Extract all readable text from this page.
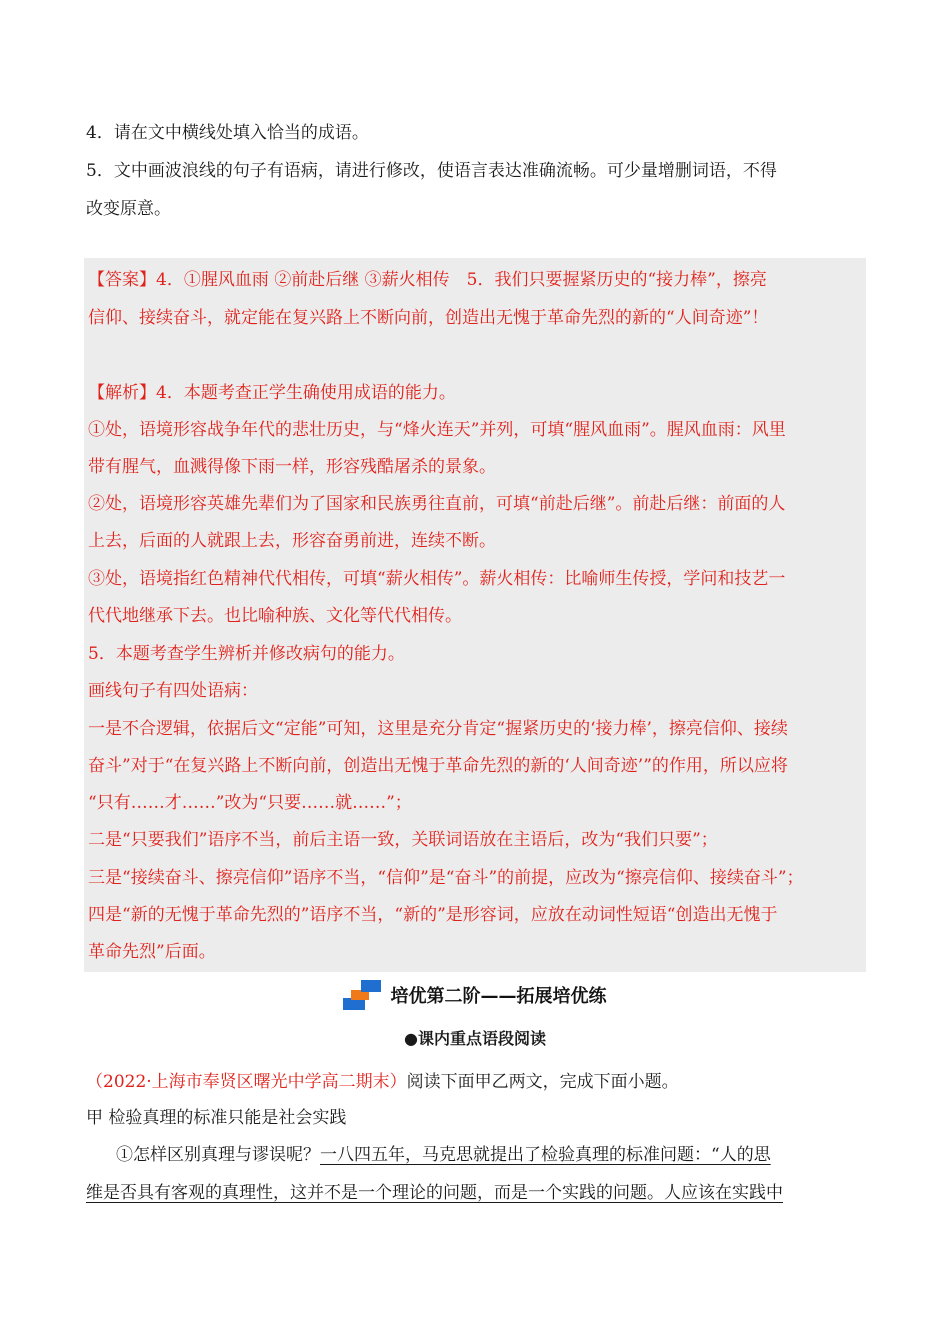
4．请在文中横线处填入恰当的成语。

5．文中画波浪线的句子有语病，请进行修改，使语言表达准确流畅。可少量增删词语，不得

改变原意。

【答案】4．①腥风血雨 ②前赴后继 ③薪火相传　5．我们只要握紧历史的“接力棒”，擦亮

信仰、接续奋斗，就定能在复兴路上不断向前，创造出无愧于革命先烈的新的“人间奇迹”！

【解析】4．本题考查正学生确使用成语的能力。

①处，语境形容战争年代的悲壮历史，与“烽火连天”并列，可填“腥风血雨”。腥风血雨：风里

带有腥气，血溅得像下雨一样，形容残酷屠杀的景象。

②处，语境形容英雄先辈们为了国家和民族勇往直前，可填“前赴后继”。前赴后继：前面的人

上去，后面的人就跟上去，形容奋勇前进，连续不断。

③处，语境指红色精神代代相传，可填“薪火相传”。薪火相传：比喻师生传授，学问和技艺一

代代地继承下去。也比喻种族、文化等代代相传。

5．本题考查学生辨析并修改病句的能力。

画线句子有四处语病：

一是不合逻辑，依据后文“定能”可知，这里是充分肯定“握紧历史的‘接力棒’，擦亮信仰、接续

奋斗”对于“在复兴路上不断向前，创造出无愧于革命先烈的新的‘人间奇迹’”的作用，所以应将

“只有……才……”改为“只要……就……”；

二是“只要我们”语序不当，前后主语一致，关联词语放在主语后，改为“我们只要”；

三是“接续奋斗、擦亮信仰”语序不当，“信仰”是“奋斗”的前提，应改为“擦亮信仰、接续奋斗”；

四是“新的无愧于革命先烈的”语序不当，“新的”是形容词，应放在动词性短语“创造出无愧于

革命先烈”后面。

培优第二阶——拓展培优练
●课内重点语段阅读

（2022·上海市奉贤区曙光中学高二期末）阅读下面甲乙两文，完成下面小题。

甲 检验真理的标准只能是社会实践

①怎样区别真理与谬误呢？一八四五年，马克思就提出了检验真理的标准问题：“人的思

维是否具有客观的真理性，这并不是一个理论的问题，而是一个实践的问题。人应该在实践中
